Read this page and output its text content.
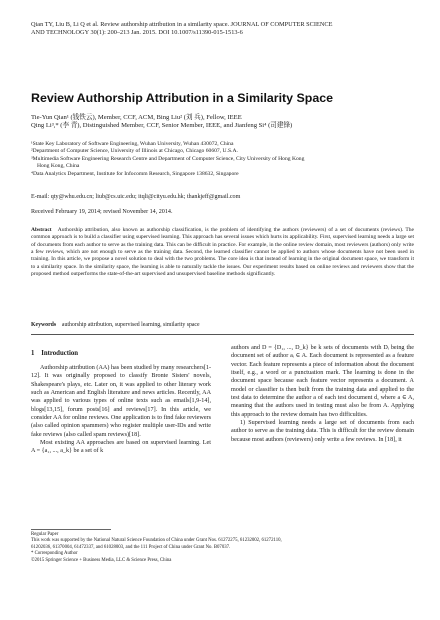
Qian TY, Liu B, Li Q et al. Review authorship attribution in a similarity space. JOURNAL OF COMPUTER SCIENCE
AND TECHNOLOGY 30(1): 200–213 Jan. 2015. DOI 10.1007/s11390-015-1513-6
Review Authorship Attribution in a Similarity Space
Tie-Yun Qian¹ (钱铁云), Member, CCF, ACM, Bing Liu² (刘 兵), Fellow, IEEE
Qing Li³,* (李 青), Distinguished Member, CCF, Senior Member, IEEE, and Jianfeng Si⁴ (司建锋)
¹State Key Laboratory of Software Engineering, Wuhan University, Wuhan 430072, China
²Department of Computer Science, University of Illinois at Chicago, Chicago 60607, U.S.A.
³Multimedia Software Engineering Research Centre and Department of Computer Science, City University of Hong Kong
Hong Kong, China
⁴Data Analytics Department, Institute for Infocomm Research, Singapore 138632, Singapore
E-mail: qty@whu.edu.cn; liub@cs.uic.edu; itqli@cityu.edu.hk; thankjeff@gmail.com
Received February 19, 2014; revised November 14, 2014.
Abstract Authorship attribution, also known as authorship classification, is the problem of identifying the authors (reviewers) of a set of documents (reviews). The common approach is to build a classifier using supervised learning. This approach has several issues which hurts its applicability. First, supervised learning needs a large set of documents from each author to serve as the training data. This can be difficult in practice. For example, in the online review domain, most reviewers (authors) only write a few reviews, which are not enough to serve as the training data. Second, the learned classifier cannot be applied to authors whose documents have not been used in training. In this article, we propose a novel solution to deal with the two problems. The core idea is that instead of learning in the original document space, we transform it to a similarity space. In the similarity space, the learning is able to naturally tackle the issues. Our experiment results based on online reviews and reviewers show that the proposed method outperforms the state-of-the-art supervised and unsupervised baseline methods significantly.
Keywords authorship attribution, supervised learning, similarity space
1 Introduction

Authorship attribution (AA) has been studied by many researchers[1-12]. It was originally proposed to classify Bronte Sisters' novels, Shakespeare's plays, etc. Later on, it was applied to other literary work such as American and English literature and news articles. Recently, AA was applied to various types of online texts such as emails[1,9-14], blogs[13,15], forum posts[16] and reviews[17]. In this article, we consider AA for online reviews. One application is to find fake reviewers (also called opinion spammers) who register multiple user-IDs and write fake reviews (also called spam reviews)[18].

Most existing AA approaches are based on supervised learning. Let A = {a₁, ..., a_k} be a set of k

authors and D = {D₁, ..., D_k} be k sets of documents with Dᵢ being the document set of author aᵢ ∈ A. Each document is represented as a feature vector. Each feature represents a piece of information about the document itself, e.g., a word or a punctuation mark. The learning is done in the document space because each feature vector represents a document. A model or classifier is then built from the training data and applied to the test data to determine the author a of each test document d, where a ∈ A, meaning that the authors used in testing must also be from A. Applying this approach to the review domain has two difficulties.

1) Supervised learning needs a large set of documents from each author to serve as the training data. This is difficult for the review domain because most authors (reviewers) only write a few reviews. In [18], it

Regular Paper
This work was supported by the National Natural Science Foundation of China under Grant Nos. 61272275, 61232002, 61272110,
61202036, 61370004, 61472337, and 61028003, and the 111 Project of China under Grant No. B07037.
* Corresponding Author
©2015 Springer Science + Business Media, LLC & Science Press, China
